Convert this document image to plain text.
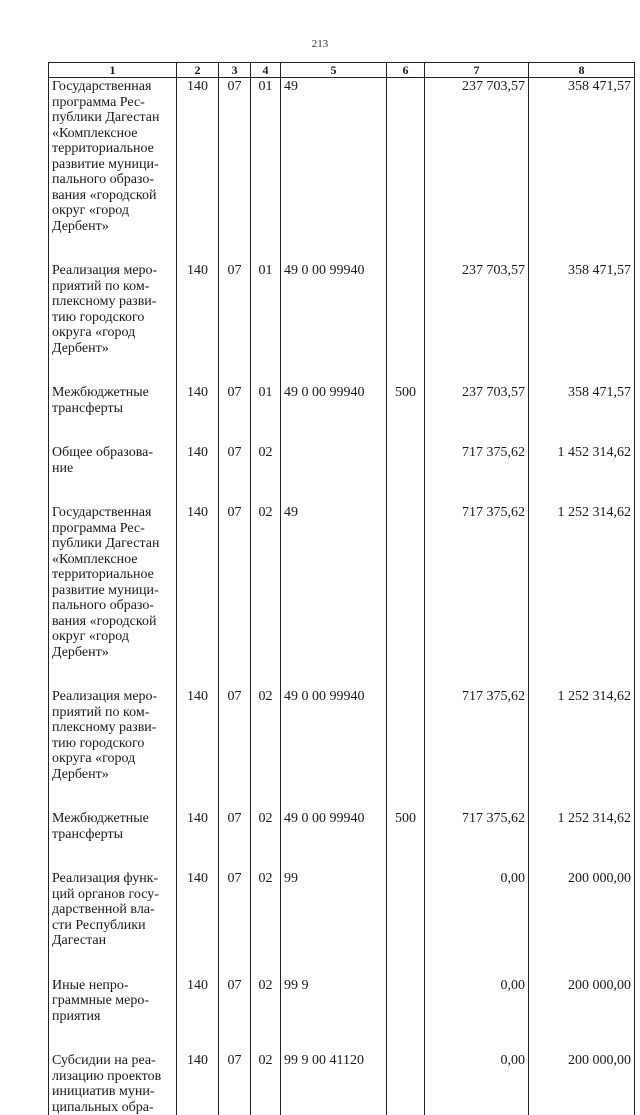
213
1	2	3	4	5	6	7	8
Государственная программа Рес-публики Дагестан «Комплексное территориальное развитие муници-пального образо-вания «городской округ «город Дербент»	140	07	01	49		237 703,57	358 471,57

Реализация меро-приятий по ком-плексному разви-тию городского округа «город Дербент»	140	07	01	49 0 00 99940		237 703,57	358 471,57

Межбюджетные трансферты	140	07	01	49 0 00 99940	500	237 703,57	358 471,57

Общее образова-ние	140	07	02			717 375,62	1 452 314,62

Государственная программа Рес-публики Дагестан «Комплексное территориальное развитие муници-пального образо-вания «городской округ «город Дербент»	140	07	02	49		717 375,62	1 252 314,62

Реализация меро-приятий по ком-плексному разви-тию городского округа «город Дербент»	140	07	02	49 0 00 99940		717 375,62	1 252 314,62

Межбюджетные трансферты	140	07	02	49 0 00 99940	500	717 375,62	1 252 314,62

Реализация функ-ций органов госу-дарственной вла-сти Республики Дагестан	140	07	02	99		0,00	200 000,00

Иные непро-граммные меро-приятия	140	07	02	99 9		0,00	200 000,00

Субсидии на реа-лизацию проектов инициатив муни-ципальных обра-	140	07	02	99 9 00 41120		0,00	200 000,00
